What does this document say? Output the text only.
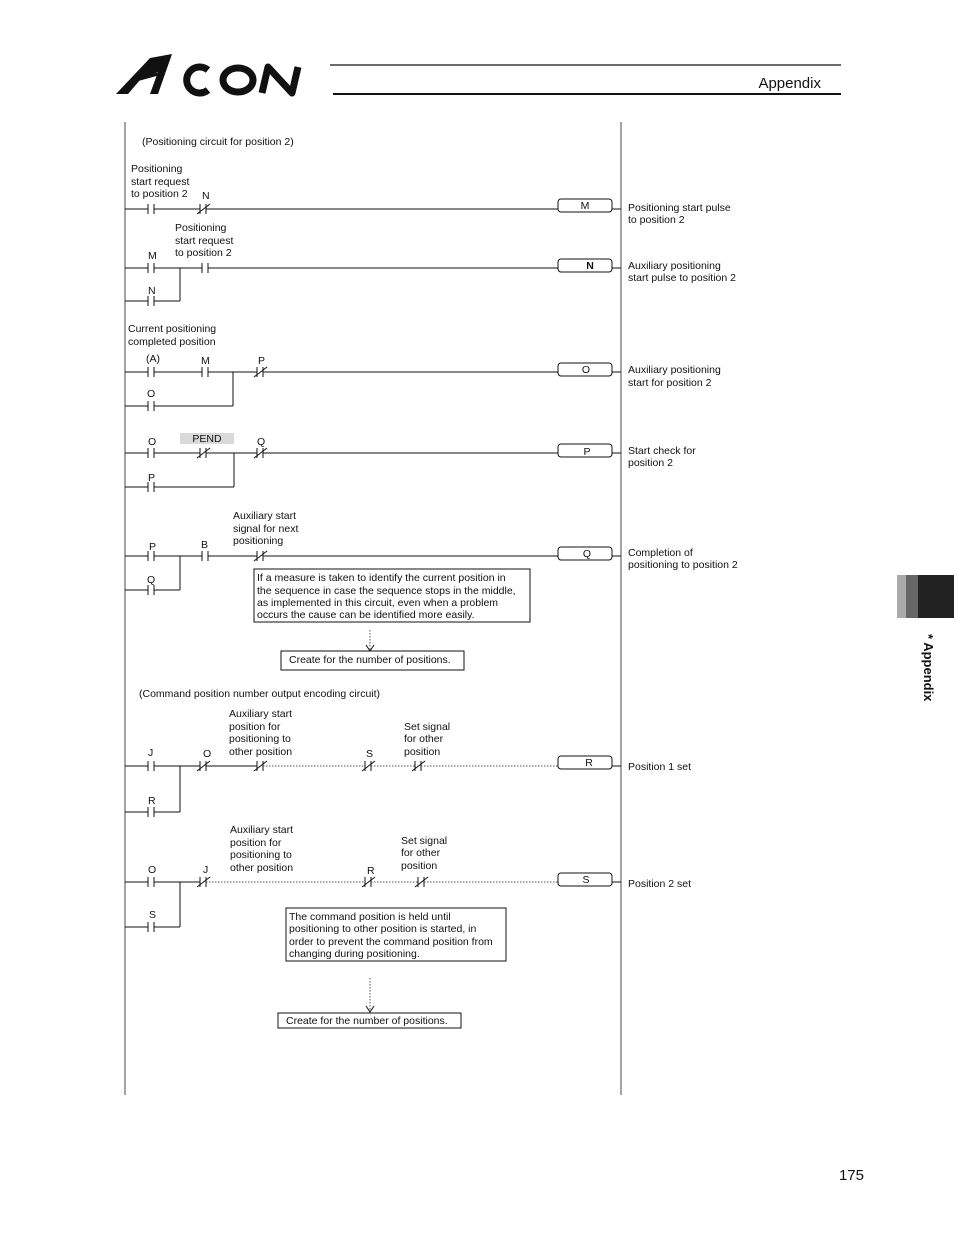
Appendix
* Appendix
(Positioning circuit for position 2)
Positioning start request to position 2	N
M	Positioning start pulse to position 2
M
Positioning start request to position 2
N
N
Auxiliary positioning start pulse to position 2
Current positioning completed position
(A)	M	P
O
O
Auxiliary positioning start for position 2
O	PEND	Q
P
P
Start check for position 2
P	B
Auxiliary start signal for next positioning
Q
Q
Completion of positioning to position 2
If a measure is taken to identify the current position in the sequence in case the sequence stops in the middle, as implemented in this circuit, even when a problem occurs the cause can be identified more easily.
Create for the number of positions.
(Command position number output encoding circuit)
J	O
Auxiliary start position for positioning to other position	S
Set signal for other position
R
R
Position 1 set
O	J
Auxiliary start position for positioning to other position	R
Set signal for other position
S
S
Position 2 set
The command position is held until positioning to other position is started, in order to prevent the command position from changing during positioning.
Create for the number of positions.
175
